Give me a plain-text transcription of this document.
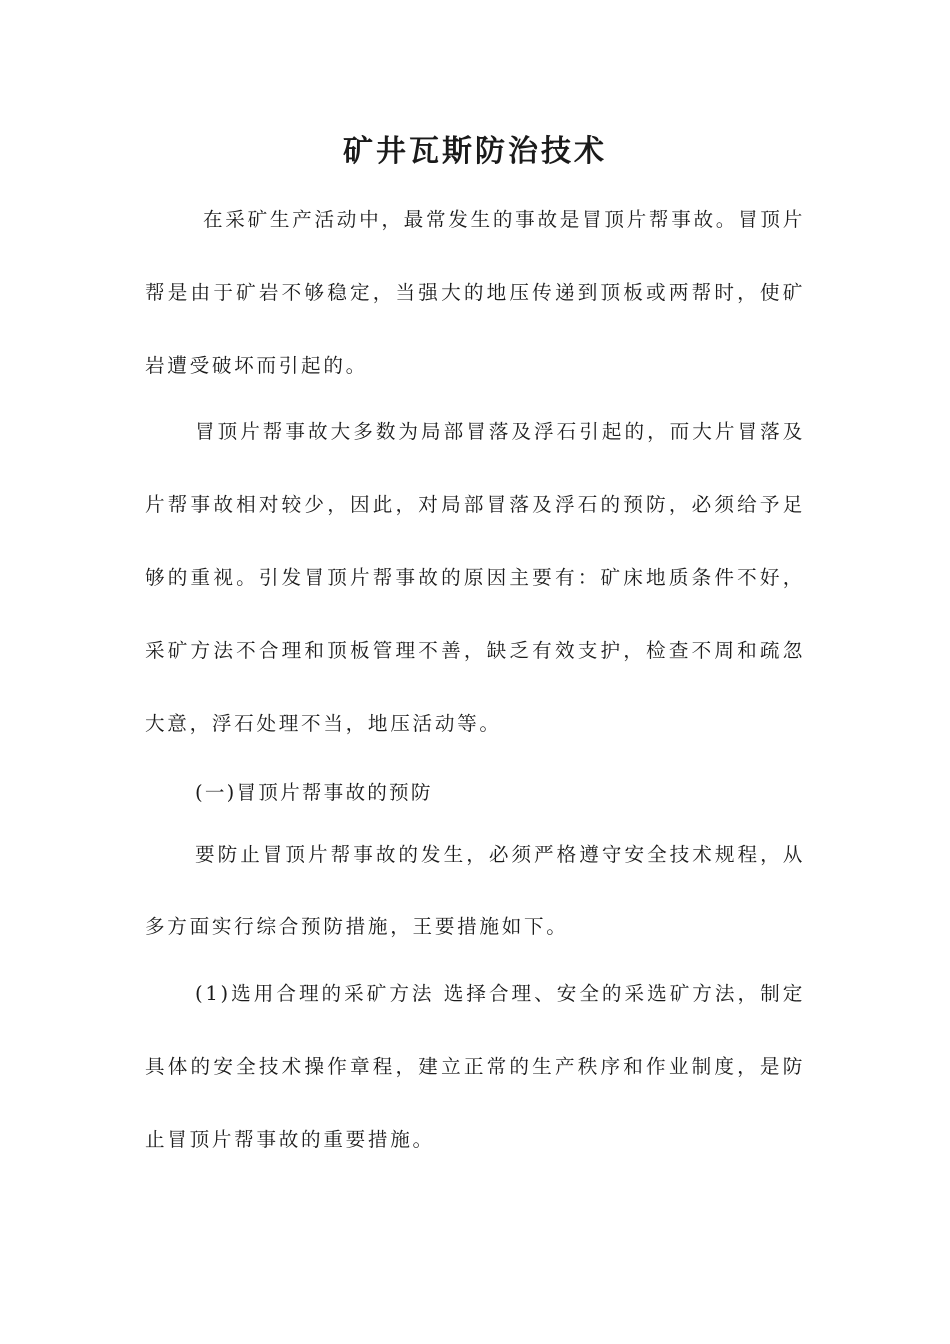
矿井瓦斯防治技术

在采矿生产活动中，最常发生的事故是冒顶片帮事故。冒顶片帮是由于矿岩不够稳定，当强大的地压传递到顶板或两帮时，使矿岩遭受破坏而引起的。

冒顶片帮事故大多数为局部冒落及浮石引起的，而大片冒落及片帮事故相对较少，因此，对局部冒落及浮石的预防，必须给予足够的重视。引发冒顶片帮事故的原因主要有：矿床地质条件不好，采矿方法不合理和顶板管理不善，缺乏有效支护，检查不周和疏忽大意，浮石处理不当，地压活动等。

(一)冒顶片帮事故的预防

要防止冒顶片帮事故的发生，必须严格遵守安全技术规程，从多方面实行综合预防措施，王要措施如下。

(1)选用合理的采矿方法 选择合理、安全的采选矿方法，制定具体的安全技术操作章程，建立正常的生产秩序和作业制度，是防止冒顶片帮事故的重要措施。
